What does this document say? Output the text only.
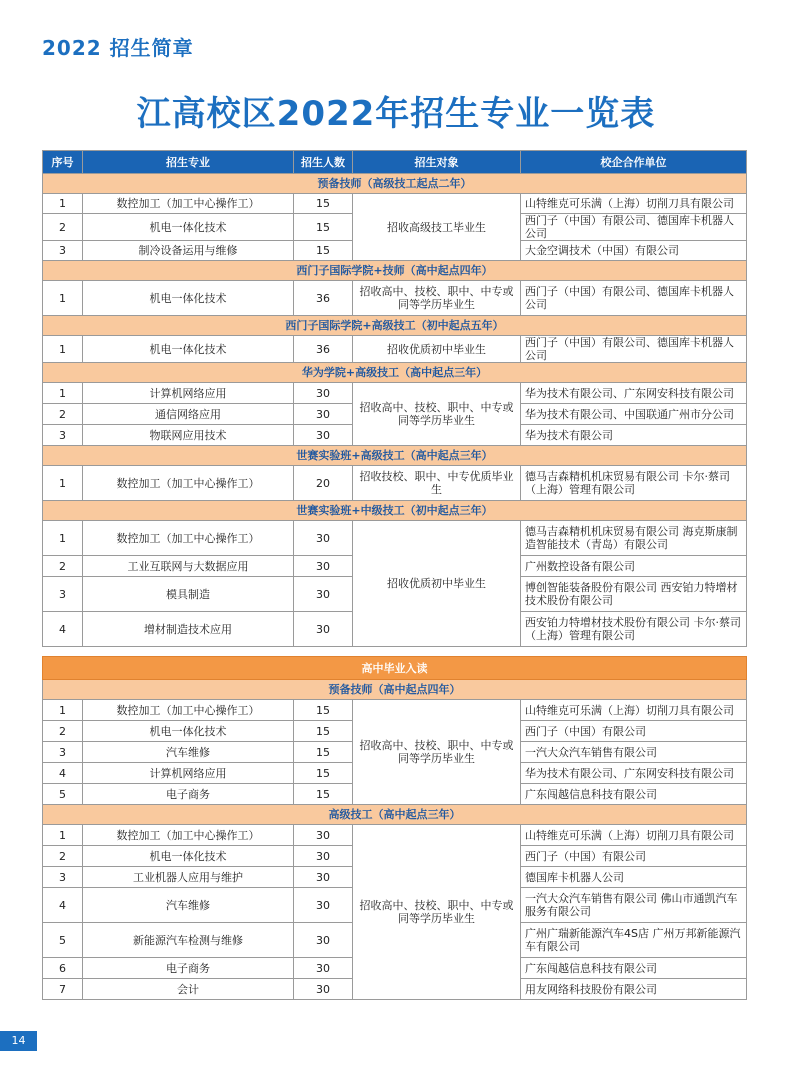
2022 招生简章
江高校区2022年招生专业一览表
序号	招生专业	招生人数	招生对象	校企合作单位
预备技师（高级技工起点二年）				
1	数控加工（加工中心操作工）	15	招收高级技工毕业生	山特维克可乐满（上海）切削刀具有限公司
2	机电一体化技术	15		西门子（中国）有限公司、德国库卡机器人公司
3	制冷设备运用与维修	15		大金空调技术（中国）有限公司
西门子国际学院+技师（高中起点四年）				
1	机电一体化技术	36	招收高中、技校、职中、中专或同等学历毕业生	西门子（中国）有限公司、德国库卡机器人公司
西门子国际学院+高级技工（初中起点五年）				
1	机电一体化技术	36	招收优质初中毕业生	西门子（中国）有限公司、德国库卡机器人公司
华为学院+高级技工（高中起点三年）				
1	计算机网络应用	30	招收高中、技校、职中、中专或同等学历毕业生	华为技术有限公司、广东网安科技有限公司
2	通信网络应用	30		华为技术有限公司、中国联通广州市分公司
3	物联网应用技术	30		华为技术有限公司
世赛实验班+高级技工（高中起点三年）				
1	数控加工（加工中心操作工）	20	招收技校、职中、中专优质毕业生	德马吉森精机机床贸易有限公司 卡尔·蔡司（上海）管理有限公司
世赛实验班+中级技工（初中起点三年）				
1	数控加工（加工中心操作工）	30	招收优质初中毕业生	德马吉森精机机床贸易有限公司 海克斯康制造智能技术（青岛）有限公司
2	工业互联网与大数据应用	30		广州数控设备有限公司
3	模具制造	30		博创智能装备股份有限公司 西安铂力特增材技术股份有限公司
4	增材制造技术应用	30		西安铂力特增材技术股份有限公司 卡尔·蔡司（上海）管理有限公司
高中毕业入读				
预备技师（高中起点四年）				
1	数控加工（加工中心操作工）	15	招收高中、技校、职中、中专或同等学历毕业生	山特维克可乐满（上海）切削刀具有限公司
2	机电一体化技术	15		西门子（中国）有限公司
3	汽车维修	15		一汽大众汽车销售有限公司
4	计算机网络应用	15		华为技术有限公司、广东网安科技有限公司
5	电子商务	15		广东闯越信息科技有限公司
高级技工（高中起点三年）				
1	数控加工（加工中心操作工）	30	招收高中、技校、职中、中专或同等学历毕业生	山特维克可乐满（上海）切削刀具有限公司
2	机电一体化技术	30		西门子（中国）有限公司
3	工业机器人应用与维护	30		德国库卡机器人公司
4	汽车维修	30		一汽大众汽车销售有限公司 佛山市通凯汽车服务有限公司
5	新能源汽车检测与维修	30		广州广瑞新能源汽车4S店 广州万邦新能源汽车有限公司
6	电子商务	30		广东闯越信息科技有限公司
7	会计	30		用友网络科技股份有限公司
14
